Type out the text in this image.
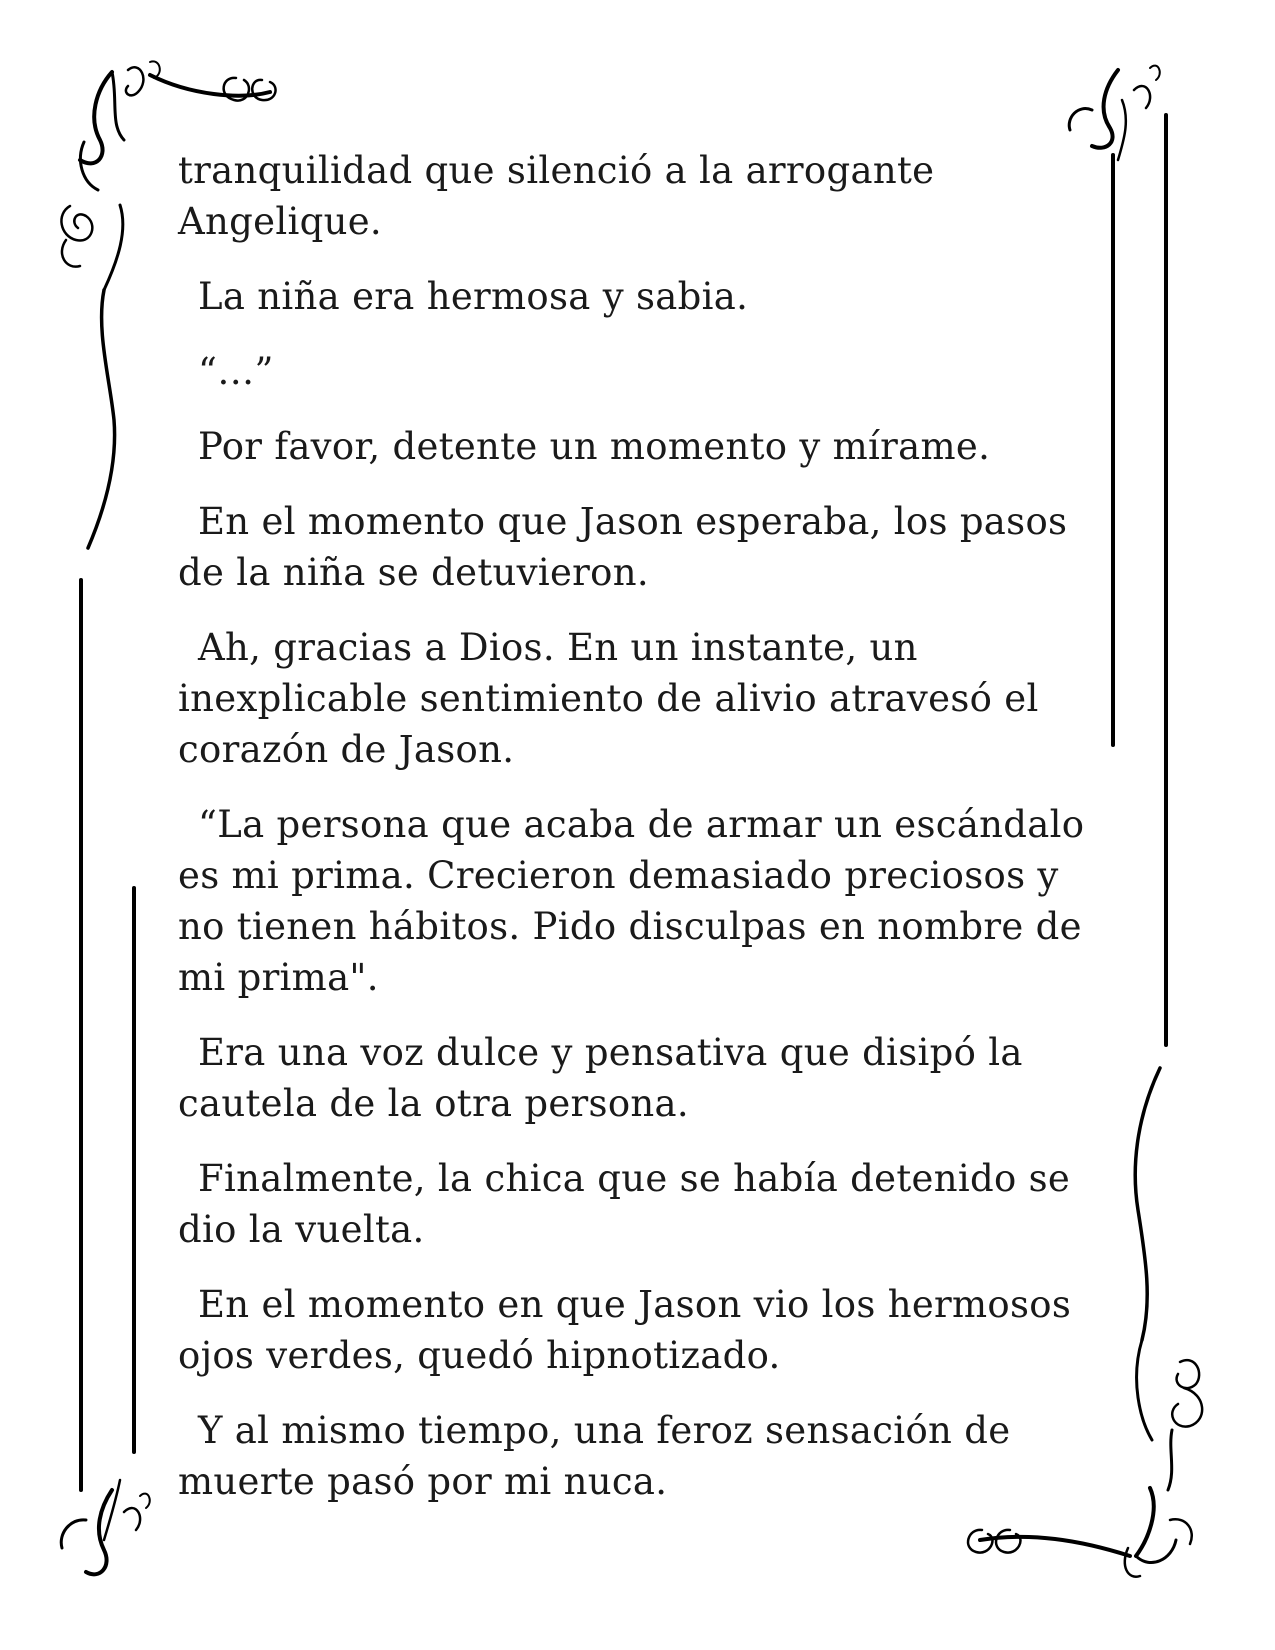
tranquilidad que silenció a la arrogante Angelique.

La niña era hermosa y sabia.

“…”

Por favor, detente un momento y mírame.

En el momento que Jason esperaba, los pasos de la niña se detuvieron.

Ah, gracias a Dios. En un instante, un inexplicable sentimiento de alivio atravesó el corazón de Jason.

“La persona que acaba de armar un escándalo es mi prima. Crecieron demasiado preciosos y no tienen hábitos. Pido disculpas en nombre de mi prima".

Era una voz dulce y pensativa que disipó la cautela de la otra persona.

Finalmente, la chica que se había detenido se dio la vuelta.

En el momento en que Jason vio los hermosos ojos verdes, quedó hipnotizado.

Y al mismo tiempo, una feroz sensación de muerte pasó por mi nuca.
